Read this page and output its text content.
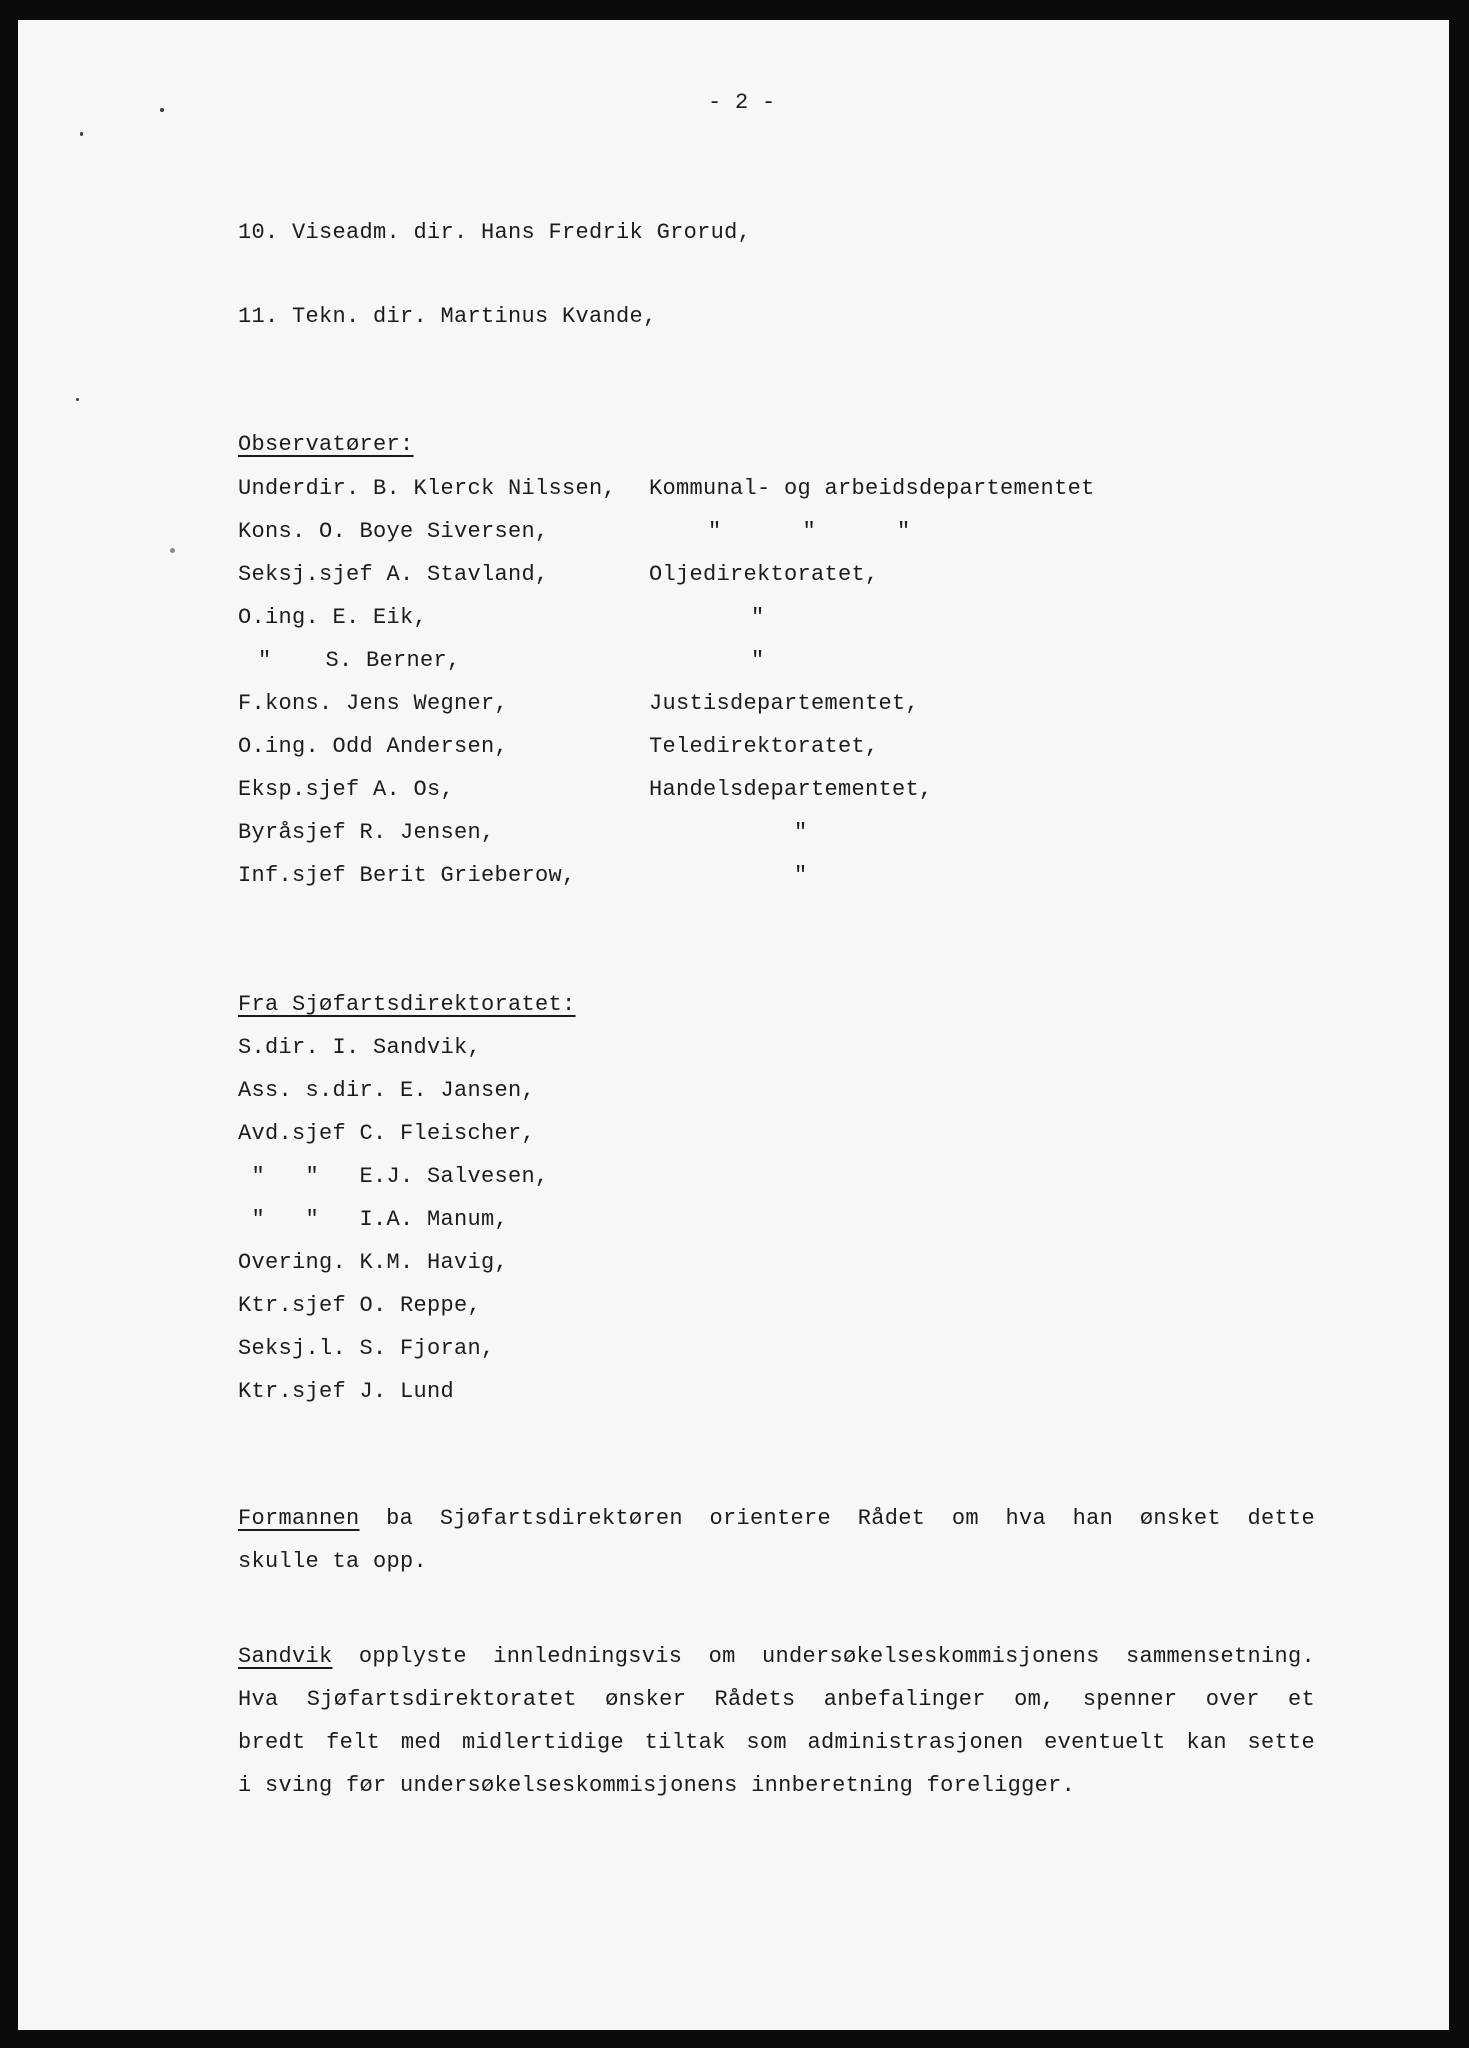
- 2 -
10. Viseadm. dir. Hans Fredrik Grorud,
11. Tekn. dir. Martinus Kvande,
Observatører:
Underdir. B. Klerck Nilssen, Kommunal- og arbeidsdepartementet
Kons. O. Boye Siversen,	"      "      "
Seksj.sjef A. Stavland,	Oljedirektoratet,
O.ing. E. Eik,	"
"    S. Berner,	"
F.kons. Jens Wegner,	Justisdepartementet,
O.ing. Odd Andersen,	Teledirektoratet,
Eksp.sjef A. Os,	Handelsdepartementet,
Byråsjef R. Jensen,	"
Inf.sjef Berit Grieberow,	"
Fra Sjøfartsdirektoratet:
S.dir. I. Sandvik,
Ass. s.dir. E. Jansen,
Avd.sjef C. Fleischer,
"   "   E.J. Salvesen,
"   "   I.A. Manum,
Overing. K.M. Havig,
Ktr.sjef O. Reppe,
Seksj.l. S. Fjoran,
Ktr.sjef J. Lund
Formannen ba Sjøfartsdirektøren orientere Rådet om hva han ønsket dette
skulle ta opp.
Sandvik opplyste innledningsvis om undersøkelseskommisjonens sammensetning.
Hva Sjøfartsdirektoratet ønsker Rådets anbefalinger om, spenner over et
bredt felt med midlertidige tiltak som administrasjonen eventuelt kan sette
i sving før undersøkelseskommisjonens innberetning foreligger.
